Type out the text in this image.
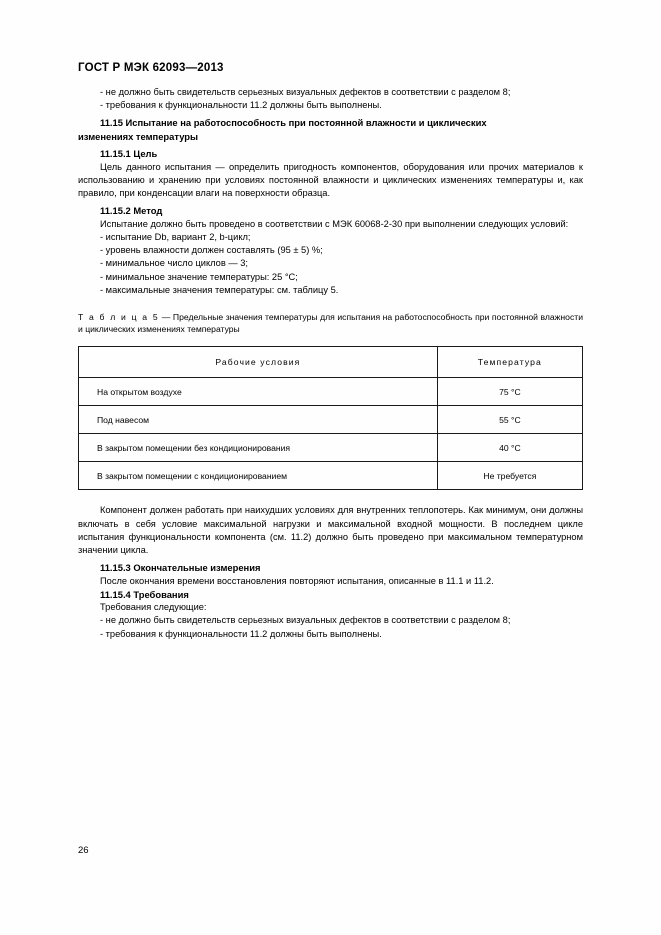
ГОСТ Р МЭК 62093—2013

- не должно быть свидетельств серьезных визуальных дефектов в соответствии с разделом 8;

- требования к функциональности 11.2 должны быть выполнены.

11.15 Испытание на работоспособность при постоянной влажности и циклических

изменениях температуры

11.15.1 Цель

Цель данного испытания — определить пригодность компонентов, оборудования или прочих материалов к использованию и хранению при условиях постоянной влажности и циклических изменениях температуры и, как правило, при конденсации влаги на поверхности образца.

11.15.2 Метод

Испытание должно быть проведено в соответствии с МЭК 60068-2-30 при выполнении следующих условий:

- испытание Db, вариант 2, b-цикл;

- уровень влажности должен составлять (95 ± 5) %;

- минимальное число циклов — 3;

- минимальное значение температуры: 25 °С;

- максимальные значения температуры: см. таблицу 5.

Т а б л и ц а 5 — Предельные значения температуры для испытания на работоспособность при постоянной влажности и циклических изменениях температуры

Рабочие условия	Температура
На открытом воздухе	75 °С
Под навесом	55 °С
В закрытом помещении без кондиционирования	40 °С
В закрытом помещении с кондиционированием	Не требуется

Компонент должен работать при наихудших условиях для внутренних теплопотерь. Как минимум, они должны включать в себя условие максимальной нагрузки и максимальной входной мощности. В последнем цикле испытания функциональности компонента (см. 11.2) должно быть проведено при максимальном температурном значении цикла.

11.15.3 Окончательные измерения

После окончания времени восстановления повторяют испытания, описанные в 11.1 и 11.2.

11.15.4 Требования

Требования следующие:

- не должно быть свидетельств серьезных визуальных дефектов в соответствии с разделом 8;

- требования к функциональности 11.2 должны быть выполнены.

26
